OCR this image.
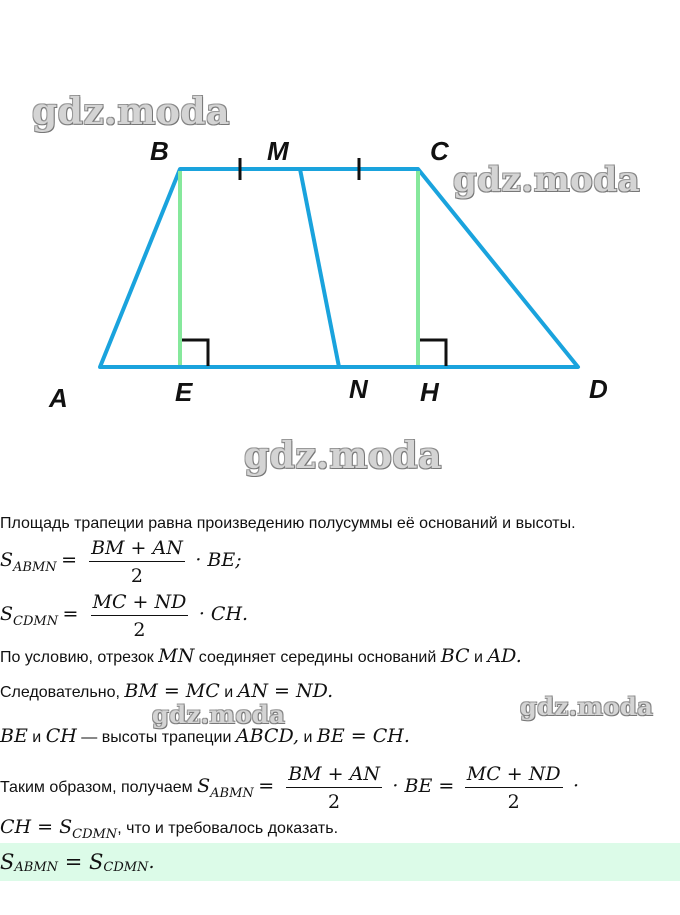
A
B	M	C
E	N H	D
gdz.moda
gdz.moda
gdz.moda
gdz.moda	gdz.moda
Площадь трапеции равна произведению полусуммы её оснований и высоты.
$S_{ABMN} = \frac{BM + AN}{2}$ · BE;
$S_{CDMN} = \frac{MC + ND}{2}$ · CH.
По условию, отрезок MN соединяет середины оснований BC и AD.
Следовательно, BM = MC и AN = ND.
BE и CH — высоты трапеции ABCD, и BE = CH.
Таким образом, получаем $S_{ABMN} = \frac{BM + AN}{2}$ · BE = $\frac{MC + ND}{2}$ ·
CH = $S_{CDMN}$, что и требовалось доказать.
S ABMN = S CDMN .
